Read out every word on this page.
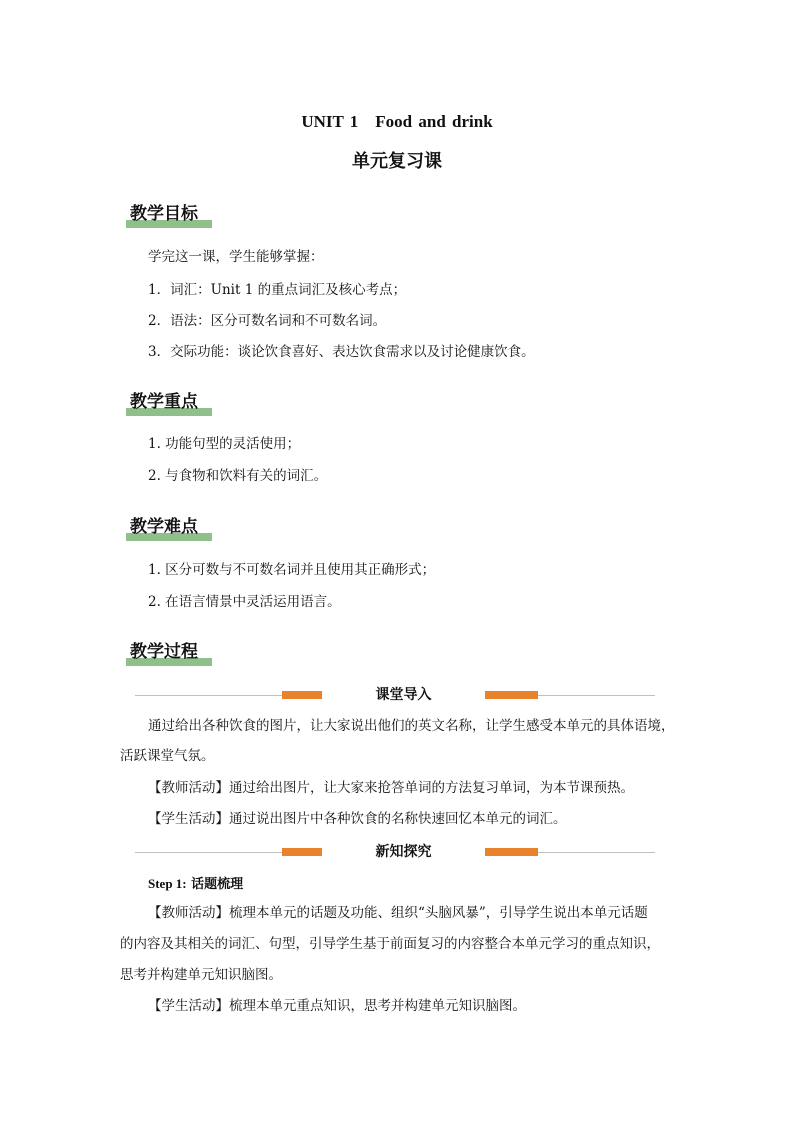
UNIT 1　Food and drink
单元复习课
教学目标
学完这一课，学生能够掌握：
1．词汇：Unit 1 的重点词汇及核心考点；
2．语法：区分可数名词和不可数名词。
3．交际功能：谈论饮食喜好、表达饮食需求以及讨论健康饮食。
教学重点
1. 功能句型的灵活使用；
2. 与食物和饮料有关的词汇。
教学难点
1. 区分可数与不可数名词并且使用其正确形式；
2. 在语言情景中灵活运用语言。
教学过程
课堂导入
通过给出各种饮食的图片，让大家说出他们的英文名称，让学生感受本单元的具体语境，
活跃课堂气氛。
【教师活动】通过给出图片，让大家来抢答单词的方法复习单词，为本节课预热。
【学生活动】通过说出图片中各种饮食的名称快速回忆本单元的词汇。
新知探究
Step 1: 话题梳理
【教师活动】梳理本单元的话题及功能、组织“头脑风暴”，引导学生说出本单元话题
的内容及其相关的词汇、句型，引导学生基于前面复习的内容整合本单元学习的重点知识，
思考并构建单元知识脑图。
【学生活动】梳理本单元重点知识，思考并构建单元知识脑图。
